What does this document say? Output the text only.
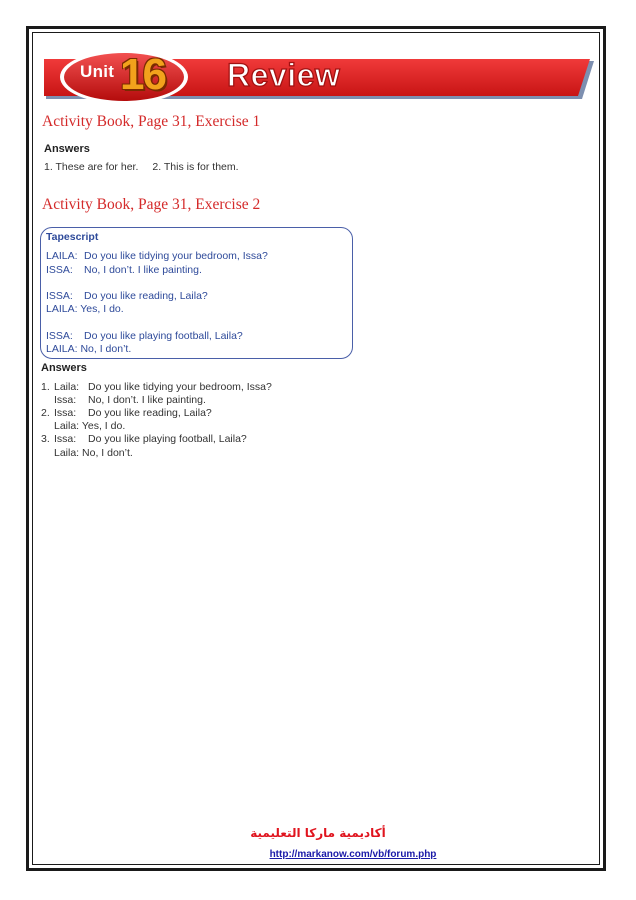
Unit 16 Review
Activity Book, Page 31, Exercise 1
Answers
1. These are for her. 2. This is for them.
Activity Book, Page 31, Exercise 2
Tapescript
LAILA: Do you like tidying your bedroom, Issa?
ISSA: No, I don’t. I like painting.
ISSA: Do you like reading, Laila?
LAILA: Yes, I do.
ISSA: Do you like playing football, Laila?
LAILA: No, I don’t.
Answers
1. Laila: Do you like tidying your bedroom, Issa?
Issa: No, I don’t. I like painting.
2. Issa: Do you like reading, Laila?
Laila: Yes, I do.
3. Issa: Do you like playing football, Laila?
Laila: No, I don’t.
أكاديمية ماركا التعليمية
http://markanow.com/vb/forum.php
